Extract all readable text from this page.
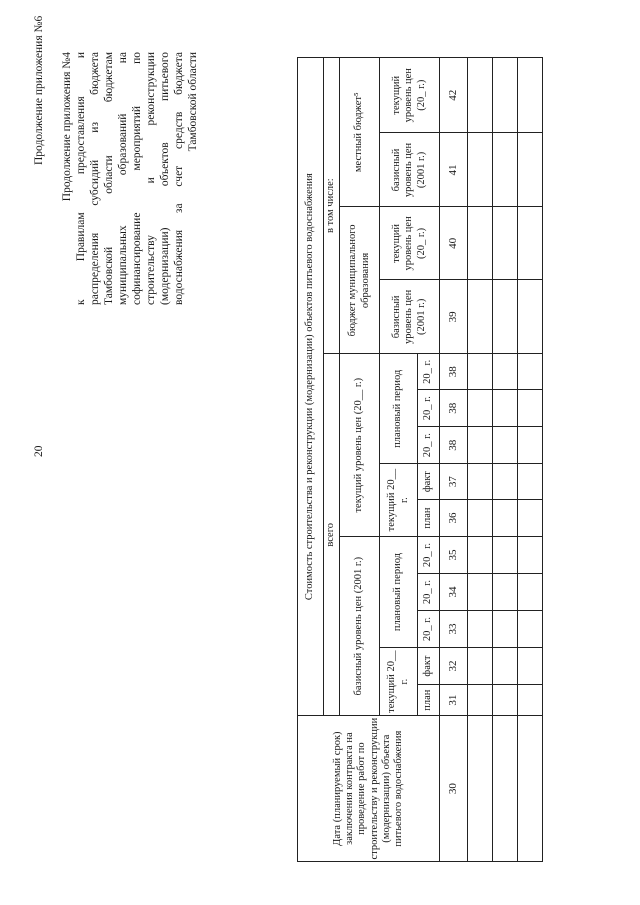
20
Продолжение приложения №6 Продолжение приложения №4 к Правилам предоставления и распределения субсидий из бюджета Тамбовской области бюджетам муниципальных образований на софинансирование мероприятий по строительству и реконструкции (модернизации) объектов питьевого водоснабжения за счет средств бюджета Тамбовской области
Дата (планируемый срок) заключения контракта на проведение работ по строительству и реконструкции (модернизации) объекта питьевого водоснабжения	Стоимость строительства и реконструкции (модернизации) объектов питьевого водоснабжения													
	всего										в том числе:			
	базисный уровень цен (2001 г.)					текущий уровень цен (20__ г.)					бюджет муниципального образования		местный бюджет⁵	
	текущий 20__ г.		плановый период			текущий 20__ г.		плановый период			базисный уровень цен (2001 г.)	текущий уровень цен (20_ г.)	базисный уровень цен (2001 г.)	текущий уровень цен (20_ г.)
	план	факт	20_ г.	20_ г.	20_ г.	план	факт	20_ г.	20_ г.	20_ г.				

30	31	32	33	34	35	36	37	38	38	38	39	40	41	42
